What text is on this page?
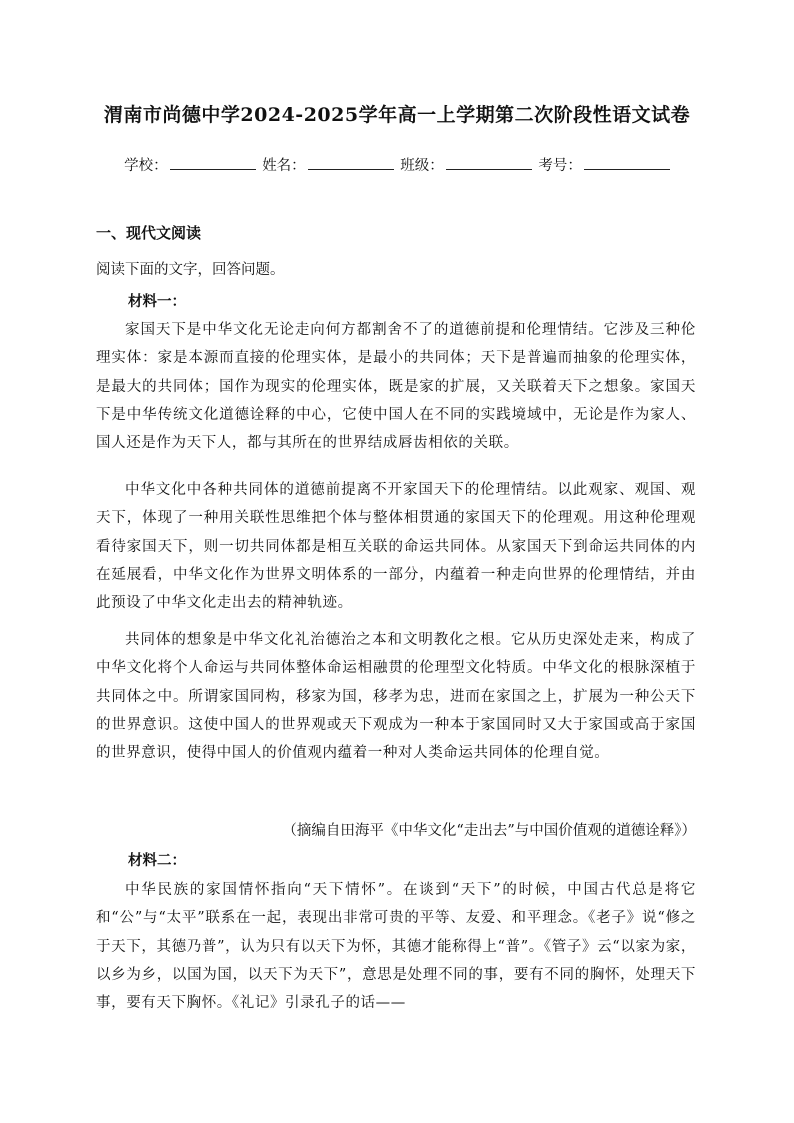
渭南市尚德中学2024-2025学年高一上学期第二次阶段性语文试卷
学校：	姓名：	班级：	考号：
一、现代文阅读
阅读下面的文字，回答问题。
材料一：
家国天下是中华文化无论走向何方都割舍不了的道德前提和伦理情结。它涉及三种伦理实体：家是本源而直接的伦理实体，是最小的共同体；天下是普遍而抽象的伦理实体，是最大的共同体；国作为现实的伦理实体，既是家的扩展，又关联着天下之想象。家国天下是中华传统文化道德诠释的中心，它使中国人在不同的实践境域中，无论是作为家人、国人还是作为天下人，都与其所在的世界结成唇齿相依的关联。
中华文化中各种共同体的道德前提离不开家国天下的伦理情结。以此观家、观国、观天下，体现了一种用关联性思维把个体与整体相贯通的家国天下的伦理观。用这种伦理观看待家国天下，则一切共同体都是相互关联的命运共同体。从家国天下到命运共同体的内在延展看，中华文化作为世界文明体系的一部分，内蕴着一种走向世界的伦理情结，并由此预设了中华文化走出去的精神轨迹。
共同体的想象是中华文化礼治德治之本和文明教化之根。它从历史深处走来，构成了中华文化将个人命运与共同体整体命运相融贯的伦理型文化特质。中华文化的根脉深植于共同体之中。所谓家国同构，移家为国，移孝为忠，进而在家国之上，扩展为一种公天下的世界意识。这使中国人的世界观或天下观成为一种本于家国同时又大于家国或高于家国的世界意识，使得中国人的价值观内蕴着一种对人类命运共同体的伦理自觉。
（摘编自田海平《中华文化“走出去”与中国价值观的道德诠释》）
材料二：
中华民族的家国情怀指向“天下情怀”。在谈到“天下”的时候，中国古代总是将它和“公”与“太平”联系在一起，表现出非常可贵的平等、友爱、和平理念。《老子》说“修之于天下，其德乃普”，认为只有以天下为怀，其德才能称得上“普”。《管子》云“以家为家，以乡为乡，以国为国，以天下为天下”，意思是处理不同的事，要有不同的胸怀，处理天下事，要有天下胸怀。《礼记》引录孔子的话——
